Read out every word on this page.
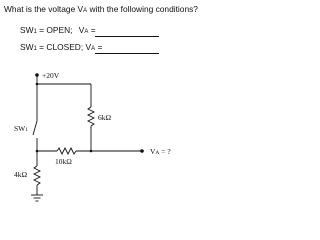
What is the voltage VA with the following conditions?
SW1 = OPEN; VA =
SW1 = CLOSED; VA =
+20V
6kΩ
SW1
10kΩ
4kΩ
VA = ?
